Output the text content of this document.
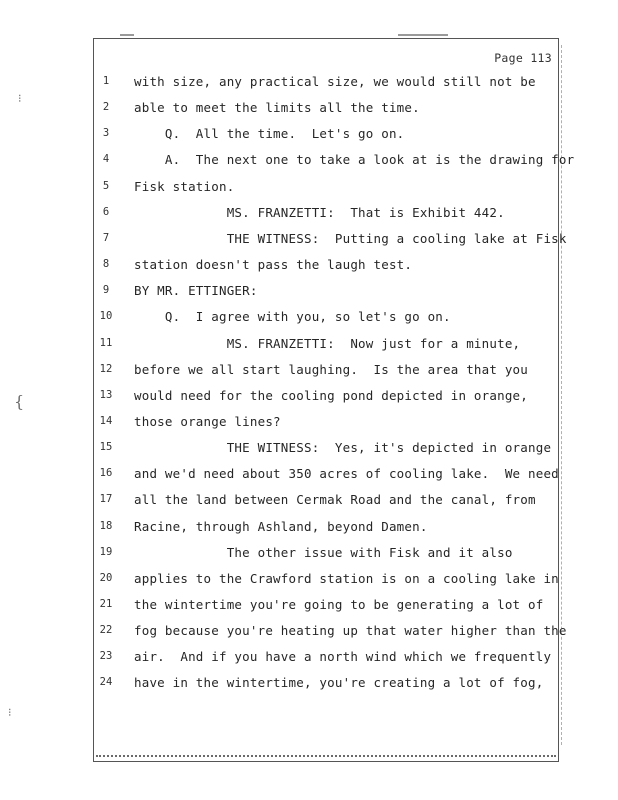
⁝
{
⁝
Page 113
1	with size, any practical size, we would still not be
2	able to meet the limits all the time.
3	Q.  All the time.  Let's go on.
4	A.  The next one to take a look at is the drawing for
5	Fisk station.
6	MS. FRANZETTI:  That is Exhibit 442.
7	THE WITNESS:  Putting a cooling lake at Fisk
8	station doesn't pass the laugh test.
9	BY MR. ETTINGER:
10 Q.  I agree with you, so let's go on.
11 MS. FRANZETTI:  Now just for a minute,
12 before we all start laughing.  Is the area that you
13 would need for the cooling pond depicted in orange,
14 those orange lines?
15 THE WITNESS:  Yes, it's depicted in orange
16 and we'd need about 350 acres of cooling lake.  We need
17 all the land between Cermak Road and the canal, from
18 Racine, through Ashland, beyond Damen.
19 The other issue with Fisk and it also
20 applies to the Crawford station is on a cooling lake in
21 the wintertime you're going to be generating a lot of
22 fog because you're heating up that water higher than the
23 air.  And if you have a north wind which we frequently
24 have in the wintertime, you're creating a lot of fog,
